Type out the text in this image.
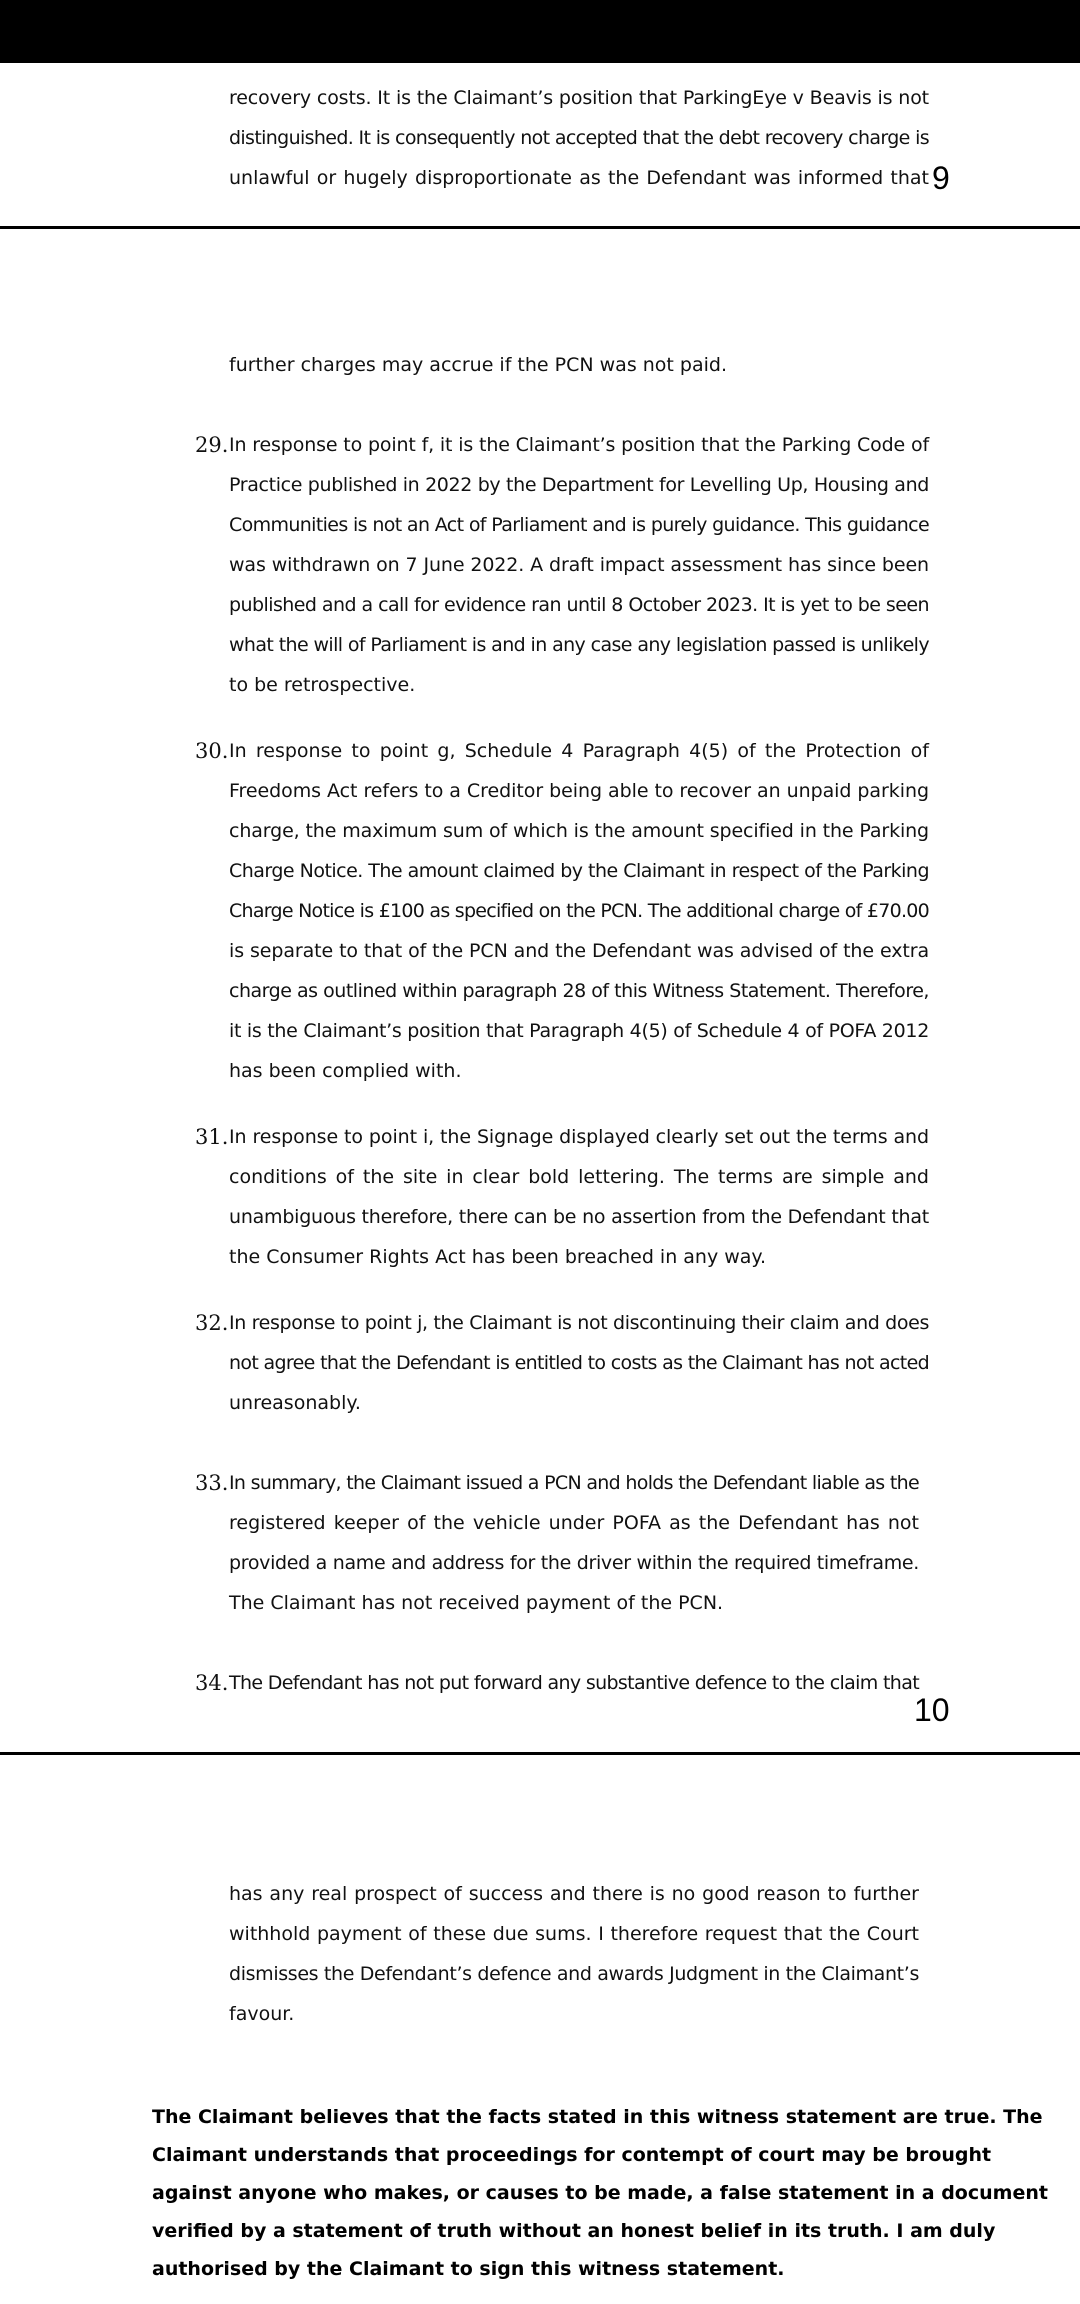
recovery costs. It is the Claimant’s position that ParkingEye v Beavis is not
distinguished. It is consequently not accepted that the debt recovery charge is
unlawful or hugely disproportionate as the Defendant was informed that 9
further charges may accrue if the PCN was not paid.
29. In response to point f, it is the Claimant’s position that the Parking Code of
Practice published in 2022 by the Department for Levelling Up, Housing and
Communities is not an Act of Parliament and is purely guidance. This guidance
was withdrawn on 7 June 2022. A draft impact assessment has since been
published and a call for evidence ran until 8 October 2023. It is yet to be seen
what the will of Parliament is and in any case any legislation passed is unlikely
to be retrospective.
30. In response to point g, Schedule 4 Paragraph 4(5) of the Protection of
Freedoms Act refers to a Creditor being able to recover an unpaid parking
charge, the maximum sum of which is the amount specified in the Parking
Charge Notice. The amount claimed by the Claimant in respect of the Parking
Charge Notice is £100 as specified on the PCN. The additional charge of £70.00
is separate to that of the PCN and the Defendant was advised of the extra
charge as outlined within paragraph 28 of this Witness Statement. Therefore,
it is the Claimant’s position that Paragraph 4(5) of Schedule 4 of POFA 2012
has been complied with.
31. In response to point i, the Signage displayed clearly set out the terms and
conditions of the site in clear bold lettering. The terms are simple and
unambiguous therefore, there can be no assertion from the Defendant that
the Consumer Rights Act has been breached in any way.
32. In response to point j, the Claimant is not discontinuing their claim and does
not agree that the Defendant is entitled to costs as the Claimant has not acted
unreasonably.
33. In summary, the Claimant issued a PCN and holds the Defendant liable as the
registered keeper of the vehicle under POFA as the Defendant has not
provided a name and address for the driver within the required timeframe.
The Claimant has not received payment of the PCN.
34. The Defendant has not put forward any substantive defence to the claim that
10
has any real prospect of success and there is no good reason to further
withhold payment of these due sums. I therefore request that the Court
dismisses the Defendant’s defence and awards Judgment in the Claimant’s
favour.
The Claimant believes that the facts stated in this witness statement are true. The
Claimant understands that proceedings for contempt of court may be brought
against anyone who makes, or causes to be made, a false statement in a document
verified by a statement of truth without an honest belief in its truth. I am duly
authorised by the Claimant to sign this witness statement.
